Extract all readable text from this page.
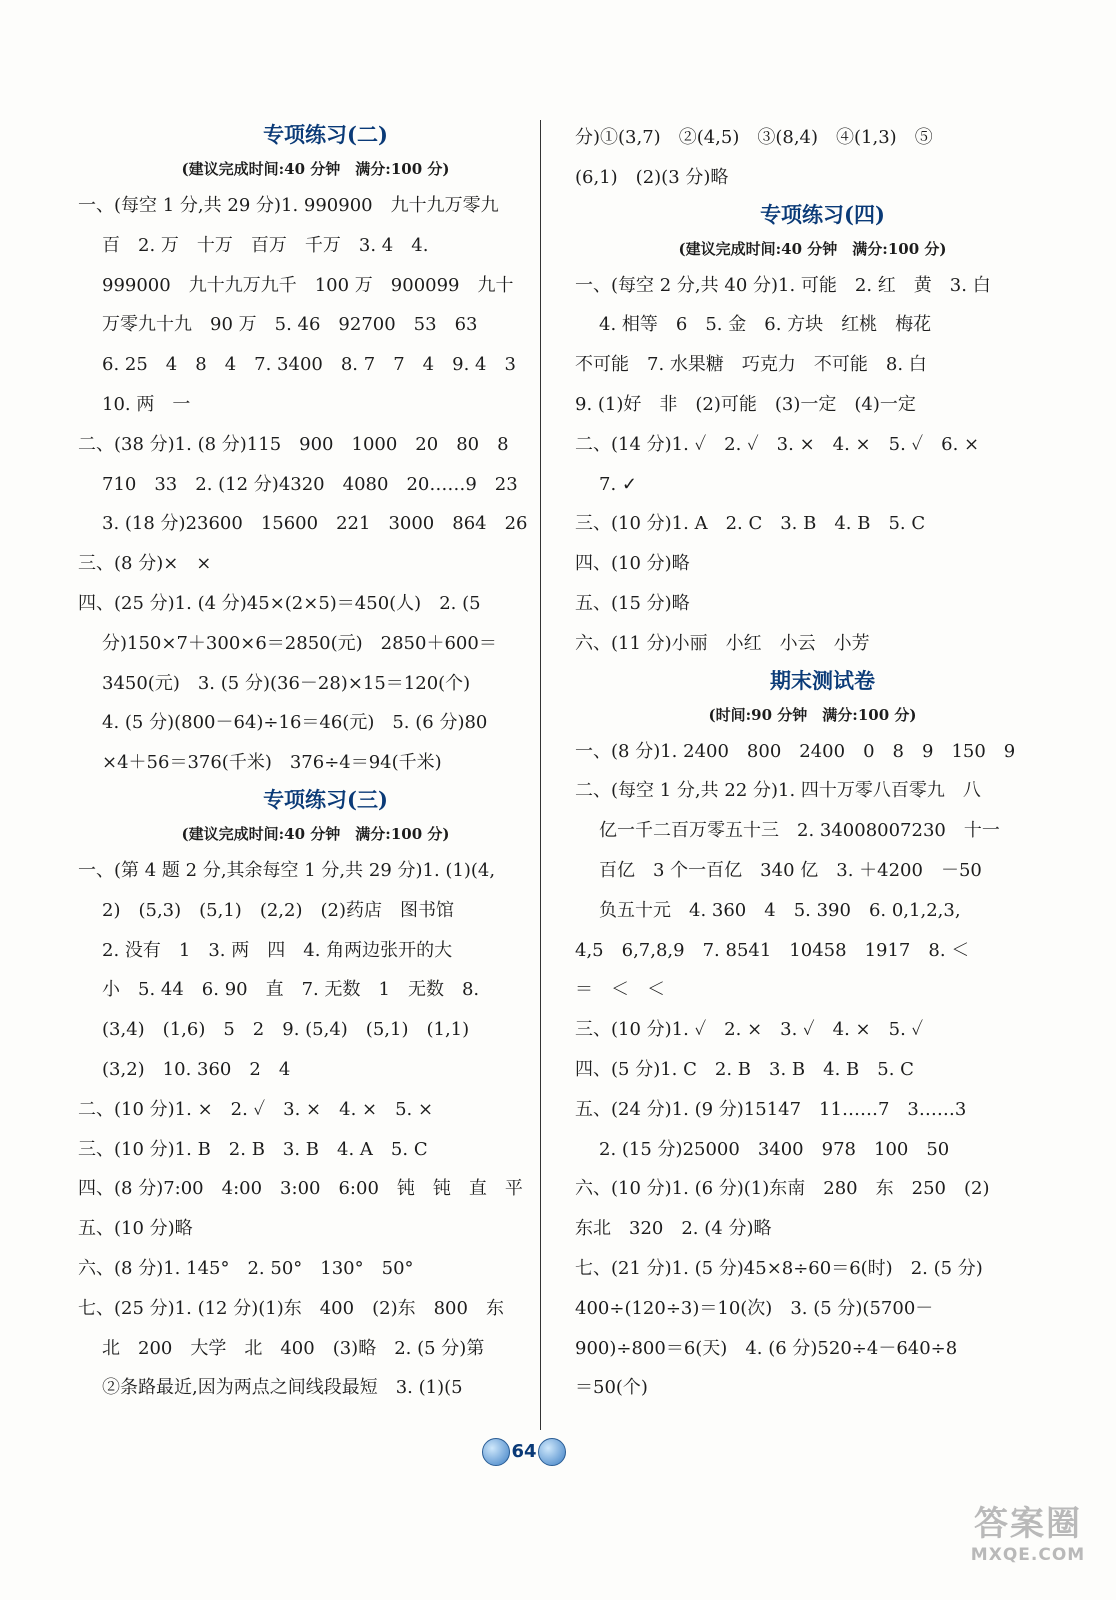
专项练习(二)
(建议完成时间:40 分钟　满分:100 分)
一、(每空 1 分,共 29 分)1. 990900　九十九万零九
百　2. 万　十万　百万　千万　3. 4　4.
999000　九十九万九千　100 万　900099　九十
万零九十九　90 万　5. 46　92700　53　63
6. 25　4　8　4　7. 3400　8. 7　7　4　9. 4　3
10. 两　一
二、(38 分)1. (8 分)115　900　1000　20　80　8
710　33　2. (12 分)4320　4080　20……9　23
3. (18 分)23600　15600　221　3000　864　26
三、(8 分)×　×
四、(25 分)1. (4 分)45×(2×5)＝450(人)　2. (5
分)150×7＋300×6＝2850(元)　2850＋600＝
3450(元)　3. (5 分)(36－28)×15＝120(个)
4. (5 分)(800－64)÷16＝46(元)　5. (6 分)80
×4＋56＝376(千米)　376÷4＝94(千米)
专项练习(三)
(建议完成时间:40 分钟　满分:100 分)
一、(第 4 题 2 分,其余每空 1 分,共 29 分)1. (1)(4,
2)　(5,3)　(5,1)　(2,2)　(2)药店　图书馆
2. 没有　1　3. 两　四　4. 角两边张开的大
小　5. 44　6. 90　直　7. 无数　1　无数　8.
(3,4)　(1,6)　5　2　9. (5,4)　(5,1)　(1,1)
(3,2)　10. 360　2　4
二、(10 分)1. ×　2. ✓　3. ×　4. ×　5. ×
三、(10 分)1. B　2. B　3. B　4. A　5. C
四、(8 分)7:00　4:00　3:00　6:00　钝　钝　直　平
五、(10 分)略
六、(8 分)1. 145°　2. 50°　130°　50°
七、(25 分)1. (12 分)(1)东　400　(2)东　800　东
北　200　大学　北　400　(3)略　2. (5 分)第
②条路最近,因为两点之间线段最短　3. (1)(5
分)①(3,7)　②(4,5)　③(8,4)　④(1,3)　⑤
(6,1)　(2)(3 分)略
专项练习(四)
(建议完成时间:40 分钟　满分:100 分)
一、(每空 2 分,共 40 分)1. 可能　2. 红　黄　3. 白
4. 相等　6　5. 金　6. 方块　红桃　梅花
不可能　7. 水果糖　巧克力　不可能　8. 白
9. (1)好　非　(2)可能　(3)一定　(4)一定
二、(14 分)1. ✓　2. ✓　3. ×　4. ×　5. ✓　6. ×
7. ✓
三、(10 分)1. A　2. C　3. B　4. B　5. C
四、(10 分)略
五、(15 分)略
六、(11 分)小丽　小红　小云　小芳
期末测试卷
(时间:90 分钟　满分:100 分)
一、(8 分)1. 2400　800　2400　0　8　9　150　9
二、(每空 1 分,共 22 分)1. 四十万零八百零九　八
亿一千二百万零五十三　2. 34008007230　十一
百亿　3 个一百亿　340 亿　3. ＋4200　－50
负五十元　4. 360　4　5. 390　6. 0,1,2,3,
4,5　6,7,8,9　7. 8541　10458　1917　8. ＜
＝　＜　＜
三、(10 分)1. ✓　2. ×　3. ✓　4. ×　5. ✓
四、(5 分)1. C　2. B　3. B　4. B　5. C
五、(24 分)1. (9 分)15147　11……7　3……3
2. (15 分)25000　3400　978　100　50
六、(10 分)1. (6 分)(1)东南　280　东　250　(2)
东北　320　2. (4 分)略
七、(21 分)1. (5 分)45×8÷60＝6(时)　2. (5 分)
400÷(120÷3)＝10(次)　3. (5 分)(5700－
900)÷800＝6(天)　4. (6 分)520÷4－640÷8
＝50(个)
64
答案圈
MXQE.COM
